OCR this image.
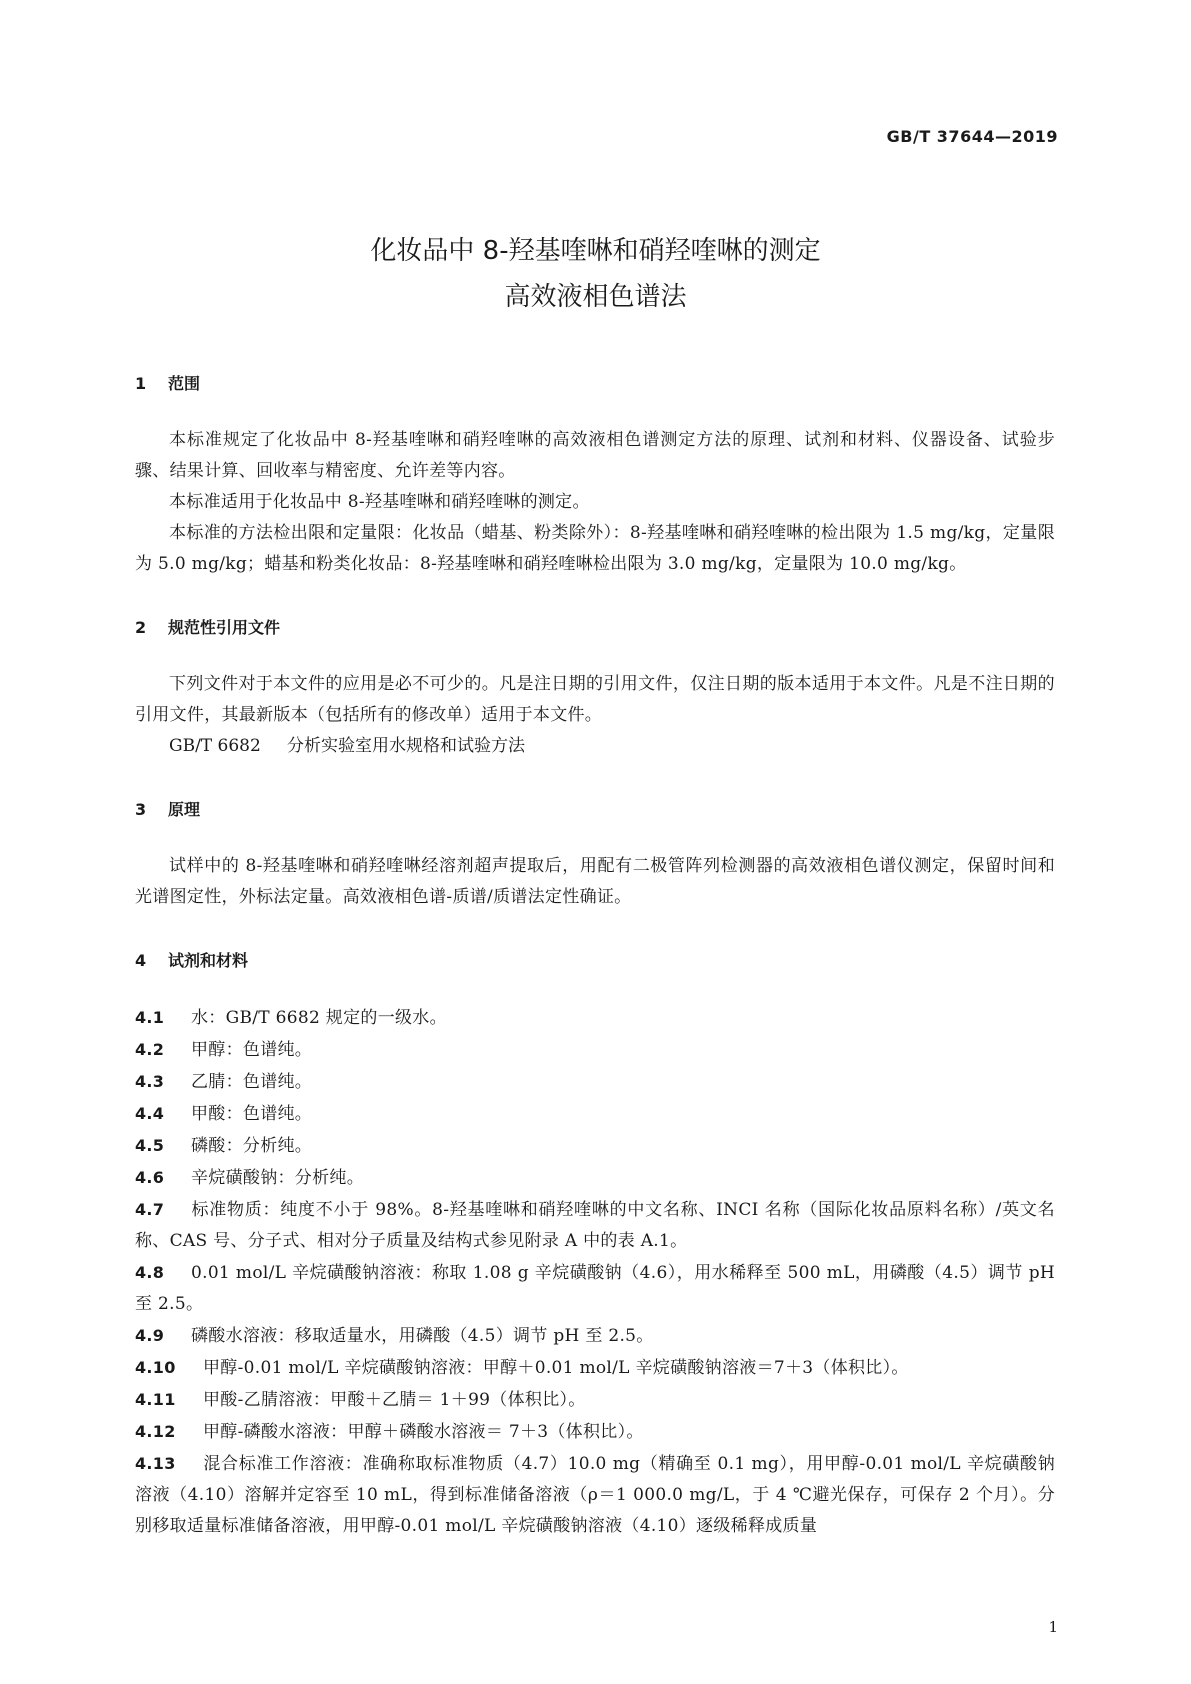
GB/T 37644—2019
化妆品中 8-羟基喹啉和硝羟喹啉的测定
高效液相色谱法
1 范围

本标准规定了化妆品中 8-羟基喹啉和硝羟喹啉的高效液相色谱测定方法的原理、试剂和材料、仪器设备、试验步骤、结果计算、回收率与精密度、允许差等内容。

本标准适用于化妆品中 8-羟基喹啉和硝羟喹啉的测定。

本标准的方法检出限和定量限：化妆品（蜡基、粉类除外）：8-羟基喹啉和硝羟喹啉的检出限为 1.5 mg/kg，定量限为 5.0 mg/kg；蜡基和粉类化妆品：8-羟基喹啉和硝羟喹啉检出限为 3.0 mg/kg，定量限为 10.0 mg/kg。

2 规范性引用文件

下列文件对于本文件的应用是必不可少的。凡是注日期的引用文件，仅注日期的版本适用于本文件。凡是不注日期的引用文件，其最新版本（包括所有的修改单）适用于本文件。

GB/T 6682 分析实验室用水规格和试验方法

3 原理

试样中的 8-羟基喹啉和硝羟喹啉经溶剂超声提取后，用配有二极管阵列检测器的高效液相色谱仪测定，保留时间和光谱图定性，外标法定量。高效液相色谱-质谱/质谱法定性确证。

4 试剂和材料

4.1 水：GB/T 6682 规定的一级水。

4.2 甲醇：色谱纯。

4.3 乙腈：色谱纯。

4.4 甲酸：色谱纯。

4.5 磷酸：分析纯。

4.6 辛烷磺酸钠：分析纯。

4.7 标准物质：纯度不小于 98%。8-羟基喹啉和硝羟喹啉的中文名称、INCI 名称（国际化妆品原料名称）/英文名称、CAS 号、分子式、相对分子质量及结构式参见附录 A 中的表 A.1。

4.8 0.01 mol/L 辛烷磺酸钠溶液：称取 1.08 g 辛烷磺酸钠（4.6），用水稀释至 500 mL，用磷酸（4.5）调节 pH 至 2.5。

4.9 磷酸水溶液：移取适量水，用磷酸（4.5）调节 pH 至 2.5。

4.10 甲醇-0.01 mol/L 辛烷磺酸钠溶液：甲醇＋0.01 mol/L 辛烷磺酸钠溶液＝7＋3（体积比）。

4.11 甲酸-乙腈溶液：甲酸＋乙腈＝ 1＋99（体积比）。

4.12 甲醇-磷酸水溶液：甲醇＋磷酸水溶液＝ 7＋3（体积比）。

4.13 混合标准工作溶液：准确称取标准物质（4.7）10.0 mg（精确至 0.1 mg），用甲醇-0.01 mol/L 辛烷磺酸钠溶液（4.10）溶解并定容至 10 mL，得到标准储备溶液（ρ＝1 000.0 mg/L，于 4 ℃避光保存，可保存 2 个月）。分别移取适量标准储备溶液，用甲醇-0.01 mol/L 辛烷磺酸钠溶液（4.10）逐级稀释成质量

1
